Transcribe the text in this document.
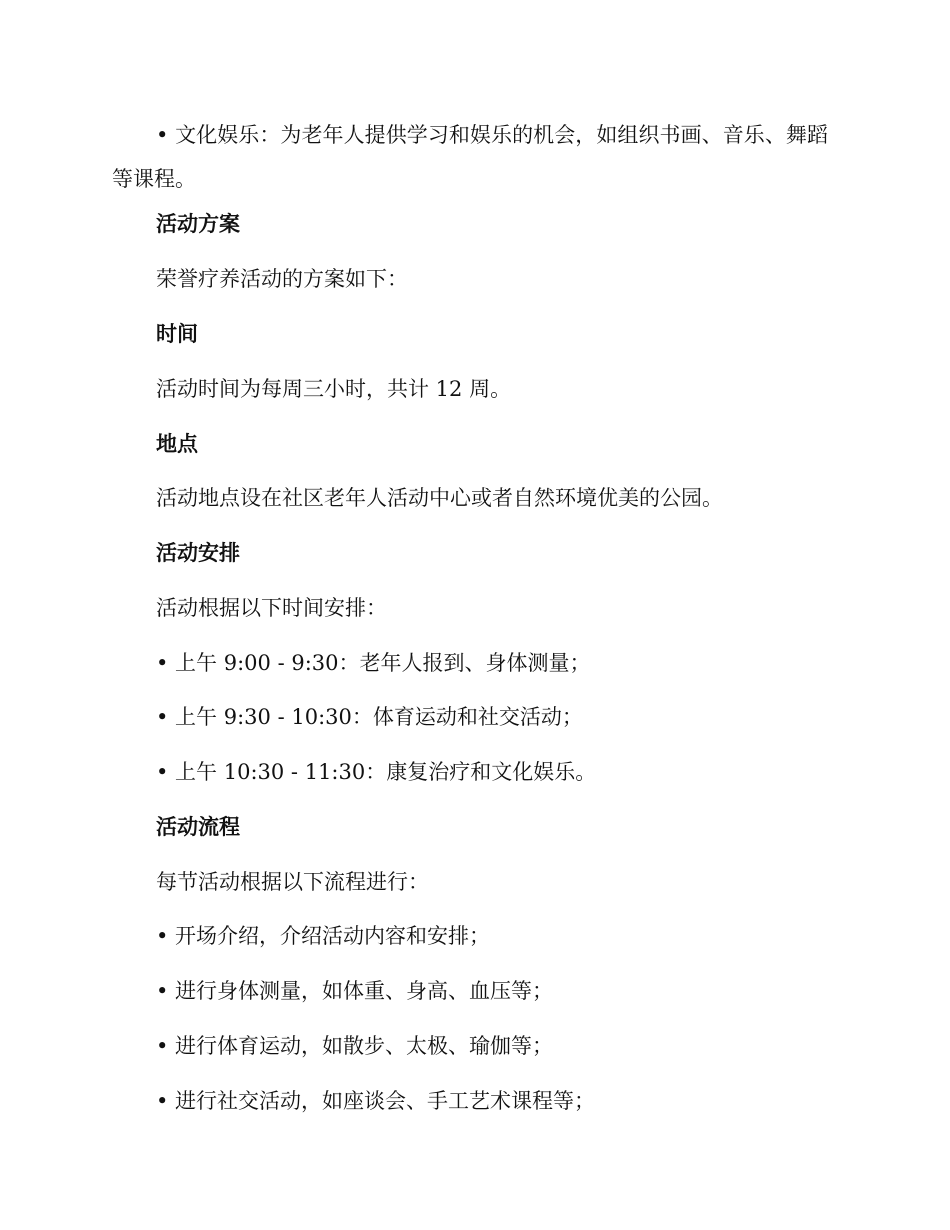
• 文化娱乐：为老年人提供学习和娱乐的机会，如组织书画、音乐、舞蹈等课程。
活动方案
荣誉疗养活动的方案如下：
时间
活动时间为每周三小时，共计 12 周。
地点
活动地点设在社区老年人活动中心或者自然环境优美的公园。
活动安排
活动根据以下时间安排：
• 上午 9:00 - 9:30：老年人报到、身体测量；
• 上午 9:30 - 10:30：体育运动和社交活动；
• 上午 10:30 - 11:30：康复治疗和文化娱乐。
活动流程
每节活动根据以下流程进行：
• 开场介绍，介绍活动内容和安排；
• 进行身体测量，如体重、身高、血压等；
• 进行体育运动，如散步、太极、瑜伽等；
• 进行社交活动，如座谈会、手工艺术课程等；
